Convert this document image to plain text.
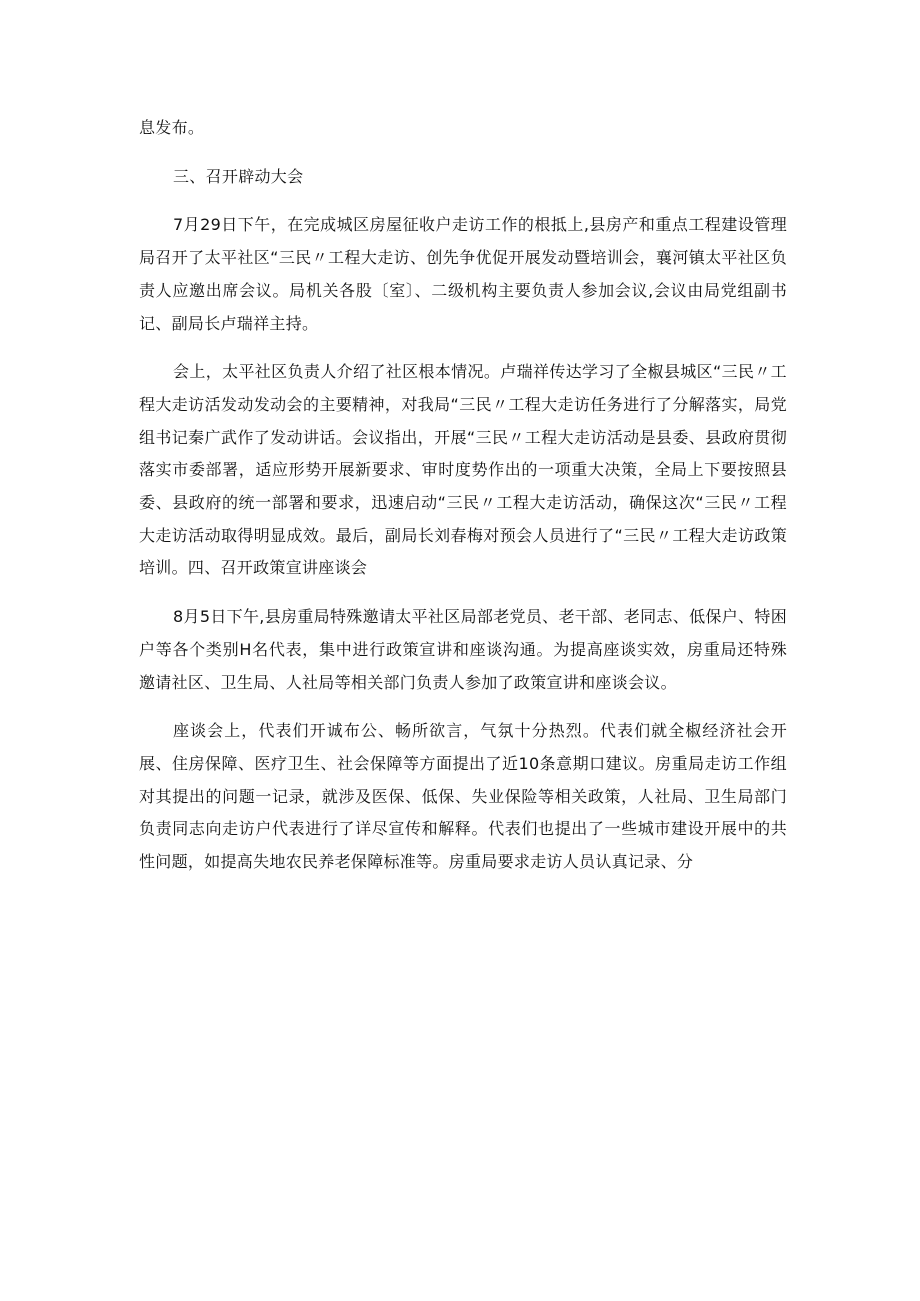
息发布。

三、召开辟动大会

7月29日下午，在完成城区房屋征收户走访工作的根抵上,县房产和重点工程建设管理局召开了太平社区“三民〃工程大走访、创先争优促开展发动暨培训会，襄河镇太平社区负责人应邀出席会议。局机关各股〔室〕、二级机构主要负责人参加会议,会议由局党组副书记、副局长卢瑞祥主持。

会上，太平社区负责人介绍了社区根本情况。卢瑞祥传达学习了全椒县城区“三民〃工程大走访活发动发动会的主要精神，对我局“三民〃工程大走访任务进行了分解落实，局党组书记秦广武作了发动讲话。会议指出，开展“三民〃工程大走访活动是县委、县政府贯彻落实市委部署，适应形势开展新要求、审时度势作出的一项重大决策，全局上下要按照县委、县政府的统一部署和要求，迅速启动“三民〃工程大走访活动，确保这次“三民〃工程大走访活动取得明显成效。最后，副局长刘春梅对预会人员进行了“三民〃工程大走访政策培训。四、召开政策宣讲座谈会

8月5日下午,县房重局特殊邀请太平社区局部老党员、老干部、老同志、低保户、特困户等各个类别H名代表，集中进行政策宣讲和座谈沟通。为提高座谈实效，房重局还特殊邀请社区、卫生局、人社局等相关部门负责人参加了政策宣讲和座谈会议。

座谈会上，代表们开诚布公、畅所欲言，气氛十分热烈。代表们就全椒经济社会开展、住房保障、医疗卫生、社会保障等方面提出了近10条意期口建议。房重局走访工作组对其提出的问题一记录，就涉及医保、低保、失业保险等相关政策，人社局、卫生局部门负责同志向走访户代表进行了详尽宣传和解释。代表们也提出了一些城市建设开展中的共性问题，如提高失地农民养老保障标准等。房重局要求走访人员认真记录、分
